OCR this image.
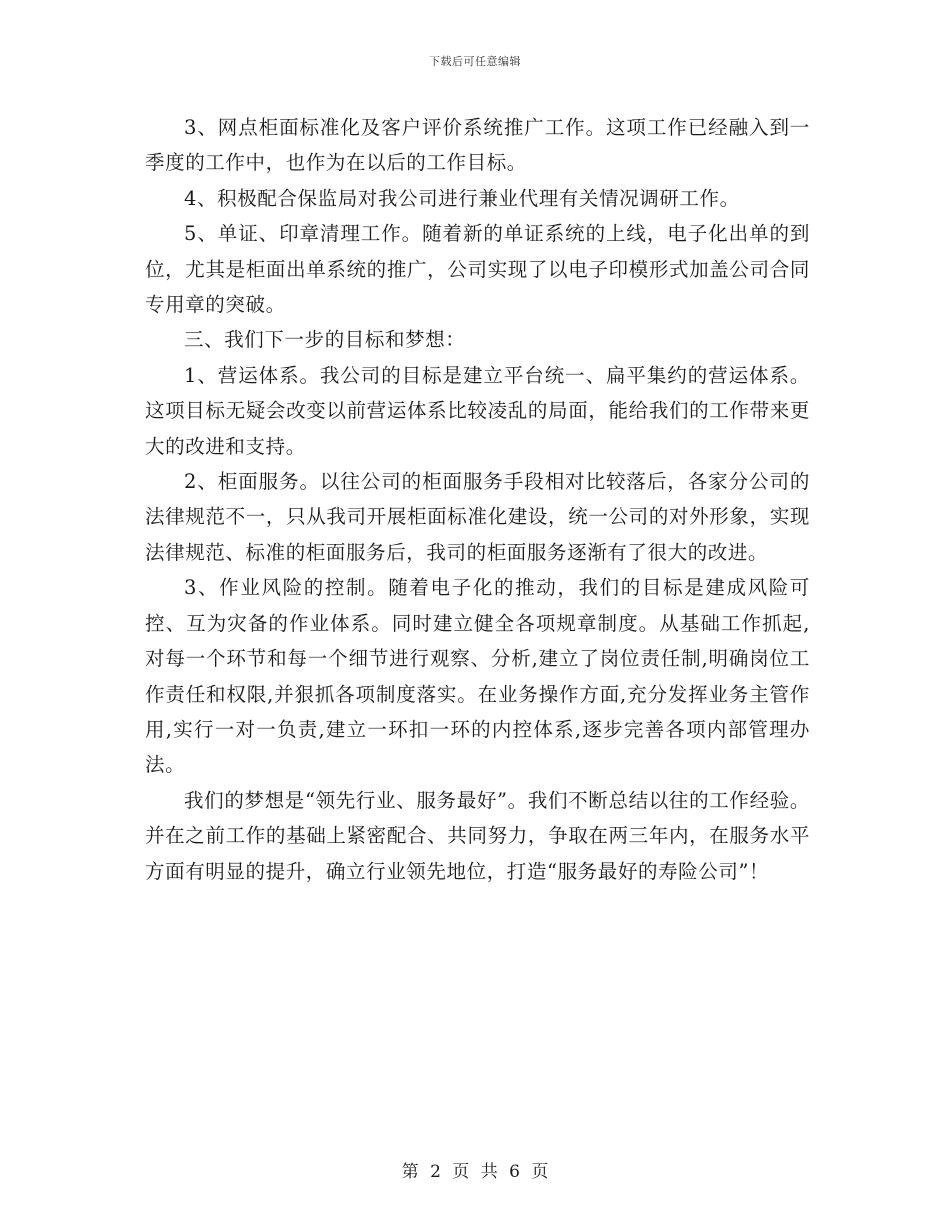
下载后可任意编辑

3、网点柜面标准化及客户评价系统推广工作。这项工作已经融入到一季度的工作中，也作为在以后的工作目标。

4、积极配合保监局对我公司进行兼业代理有关情况调研工作。

5、单证、印章清理工作。随着新的单证系统的上线，电子化出单的到位，尤其是柜面出单系统的推广，公司实现了以电子印模形式加盖公司合同专用章的突破。

三、我们下一步的目标和梦想：

1、营运体系。我公司的目标是建立平台统一、扁平集约的营运体系。这项目标无疑会改变以前营运体系比较凌乱的局面，能给我们的工作带来更大的改进和支持。

2、柜面服务。以往公司的柜面服务手段相对比较落后，各家分公司的法律规范不一，只从我司开展柜面标准化建设，统一公司的对外形象，实现法律规范、标准的柜面服务后，我司的柜面服务逐渐有了很大的改进。

3、作业风险的控制。随着电子化的推动，我们的目标是建成风险可控、互为灾备的作业体系。同时建立健全各项规章制度。从基础工作抓起,对每一个环节和每一个细节进行观察、分析,建立了岗位责任制,明确岗位工作责任和权限,并狠抓各项制度落实。在业务操作方面,充分发挥业务主管作用,实行一对一负责,建立一环扣一环的内控体系,逐步完善各项内部管理办法。

我们的梦想是“领先行业、服务最好”。我们不断总结以往的工作经验。并在之前工作的基础上紧密配合、共同努力，争取在两三年内，在服务水平方面有明显的提升，确立行业领先地位，打造“服务最好的寿险公司”！

第 2 页 共 6 页
